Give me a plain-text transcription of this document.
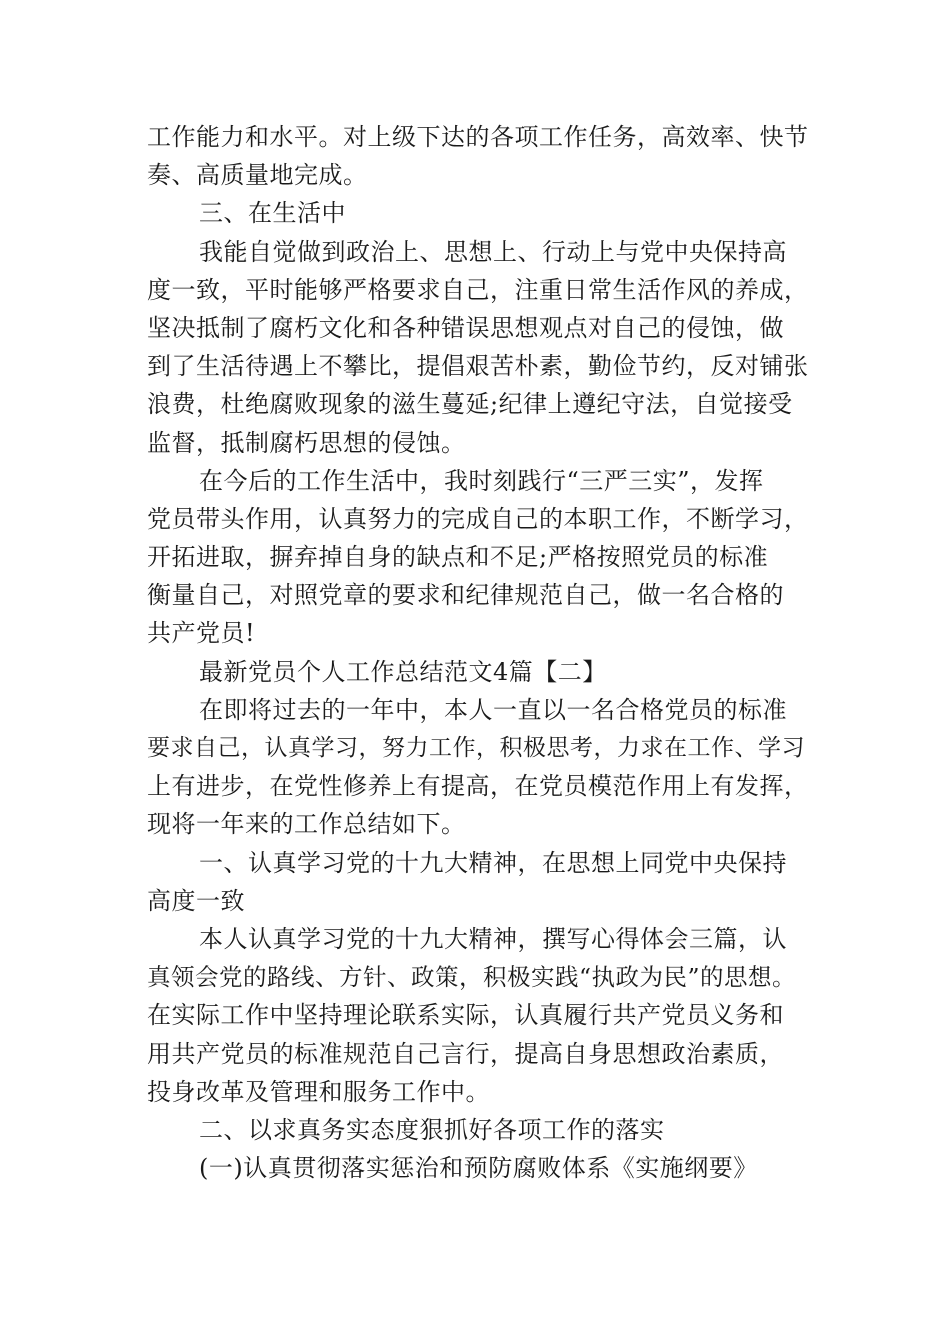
工作能力和水平。对上级下达的各项工作任务，高效率、快节
奏、高质量地完成。
三、在生活中
我能自觉做到政治上、思想上、行动上与党中央保持高
度一致，平时能够严格要求自己，注重日常生活作风的养成，
坚决抵制了腐朽文化和各种错误思想观点对自己的侵蚀，做
到了生活待遇上不攀比，提倡艰苦朴素，勤俭节约，反对铺张
浪费，杜绝腐败现象的滋生蔓延;纪律上遵纪守法，自觉接受
监督，抵制腐朽思想的侵蚀。
在今后的工作生活中，我时刻践行“三严三实”，发挥
党员带头作用，认真努力的完成自己的本职工作，不断学习，
开拓进取，摒弃掉自身的缺点和不足;严格按照党员的标准
衡量自己，对照党章的要求和纪律规范自己，做一名合格的
共产党员!
最新党员个人工作总结范文4篇【二】
在即将过去的一年中，本人一直以一名合格党员的标准
要求自己，认真学习，努力工作，积极思考，力求在工作、学习
上有进步，在党性修养上有提高，在党员模范作用上有发挥，
现将一年来的工作总结如下。
一、认真学习党的十九大精神，在思想上同党中央保持
高度一致
本人认真学习党的十九大精神，撰写心得体会三篇，认
真领会党的路线、方针、政策，积极实践“执政为民”的思想。
在实际工作中坚持理论联系实际，认真履行共产党员义务和
用共产党员的标准规范自己言行，提高自身思想政治素质，
投身改革及管理和服务工作中。
二、以求真务实态度狠抓好各项工作的落实
(一)认真贯彻落实惩治和预防腐败体系《实施纲要》
